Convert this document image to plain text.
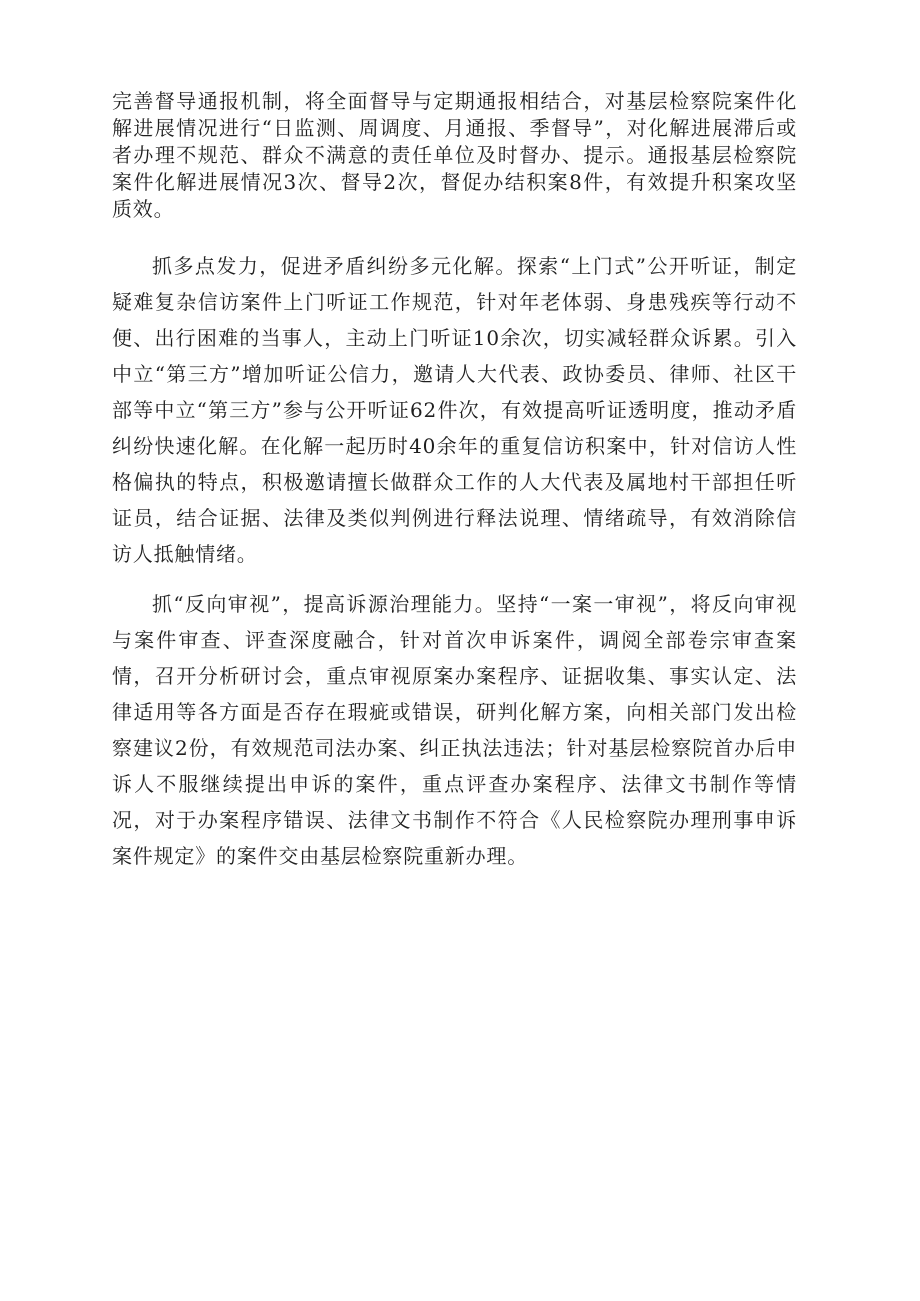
完善督导通报机制，将全面督导与定期通报相结合，对基层检察院案件化解进展情况进行“日监测、周调度、月通报、季督导”，对化解进展滞后或者办理不规范、群众不满意的责任单位及时督办、提示。通报基层检察院案件化解进展情况3次、督导2次，督促办结积案8件，有效提升积案攻坚质效。

抓多点发力，促进矛盾纠纷多元化解。探索“上门式”公开听证，制定疑难复杂信访案件上门听证工作规范，针对年老体弱、身患残疾等行动不便、出行困难的当事人，主动上门听证10余次，切实减轻群众诉累。引入中立“第三方”增加听证公信力，邀请人大代表、政协委员、律师、社区干部等中立“第三方”参与公开听证62件次，有效提高听证透明度，推动矛盾纠纷快速化解。在化解一起历时40余年的重复信访积案中，针对信访人性格偏执的特点，积极邀请擅长做群众工作的人大代表及属地村干部担任听证员，结合证据、法律及类似判例进行释法说理、情绪疏导，有效消除信访人抵触情绪。

抓“反向审视”，提高诉源治理能力。坚持“一案一审视”，将反向审视与案件审查、评查深度融合，针对首次申诉案件，调阅全部卷宗审查案情，召开分析研讨会，重点审视原案办案程序、证据收集、事实认定、法律适用等各方面是否存在瑕疵或错误，研判化解方案，向相关部门发出检察建议2份，有效规范司法办案、纠正执法违法；针对基层检察院首办后申诉人不服继续提出申诉的案件，重点评查办案程序、法律文书制作等情况，对于办案程序错误、法律文书制作不符合《人民检察院办理刑事申诉案件规定》的案件交由基层检察院重新办理。
